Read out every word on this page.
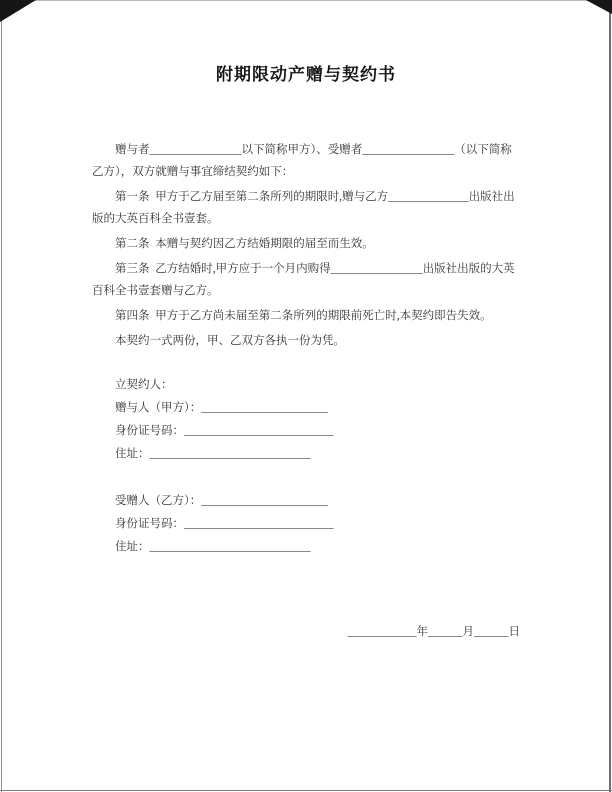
附期限动产赠与契约书

赠与者________________以下简称甲方）、受赠者________________（以下简称乙方），双方就赠与事宜缔结契约如下：

第一条  甲方于乙方届至第二条所列的期限时,赠与乙方______________出版社出版的大英百科全书壹套。

第二条  本赠与契约因乙方结婚期限的届至而生效。

第三条  乙方结婚时,甲方应于一个月内购得________________出版社出版的大英百科全书壹套赠与乙方。

第四条  甲方于乙方尚未届至第二条所列的期限前死亡时,本契约即告失效。

本契约一式两份，甲、乙双方各执一份为凭。

立契约人：

赠与人（甲方）：______________________

身份证号码：__________________________

住址：____________________________

受赠人（乙方）：______________________

身份证号码：__________________________

住址：____________________________

____________年______月______日
